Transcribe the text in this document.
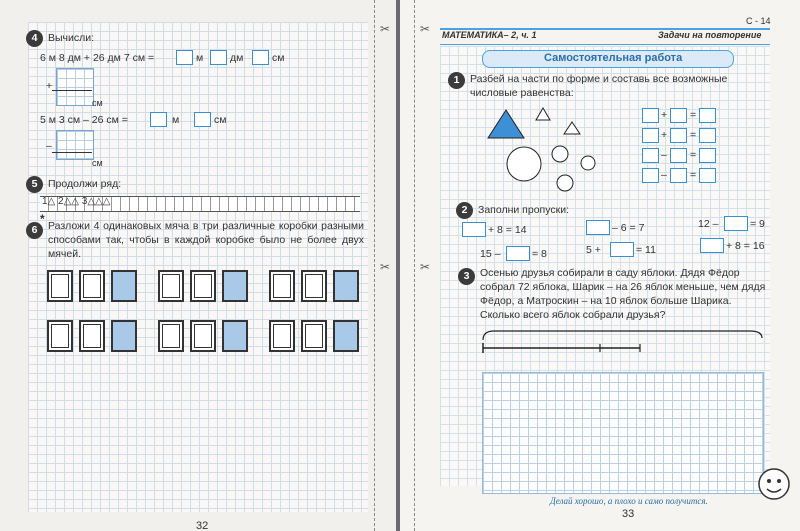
✂
✂
4	Вычисли:
6 м 8 дм + 26 дм 7 см =	м	дм	см
+
см
5 м 3 см – 26 см =	м	см
–
см
5	Продолжи ряд:
1△ 2△△ 3△△△
6
* Разложи 4 одинаковых мяча в три различные коробки разными способами так, чтобы в каждой коробке было не более двух мячей.
32
✂
✂
С - 14
МАТЕМАТИКА– 2, ч. 1	Задачи на повторение
Самостоятельная работа
1	Разбей на части по форме и составь все возможные числовые равенства:
+ =
+ =
– =
– =
2	Заполни пропуски:
+ 8 = 14	– 6 = 7	12 –	= 9
15 –	= 8	5 +	= 11	+ 8 = 16
3	Осенью друзья собирали в саду яблоки. Дядя Фёдор собрал 72 яблока, Шарик – на 26 яблок меньше, чем дядя Фёдор, а Матроскин – на 10 яблок больше Шарика. Сколько всего яблок собрали друзья?
Делай хорошо, а плохо и само получится.
33
